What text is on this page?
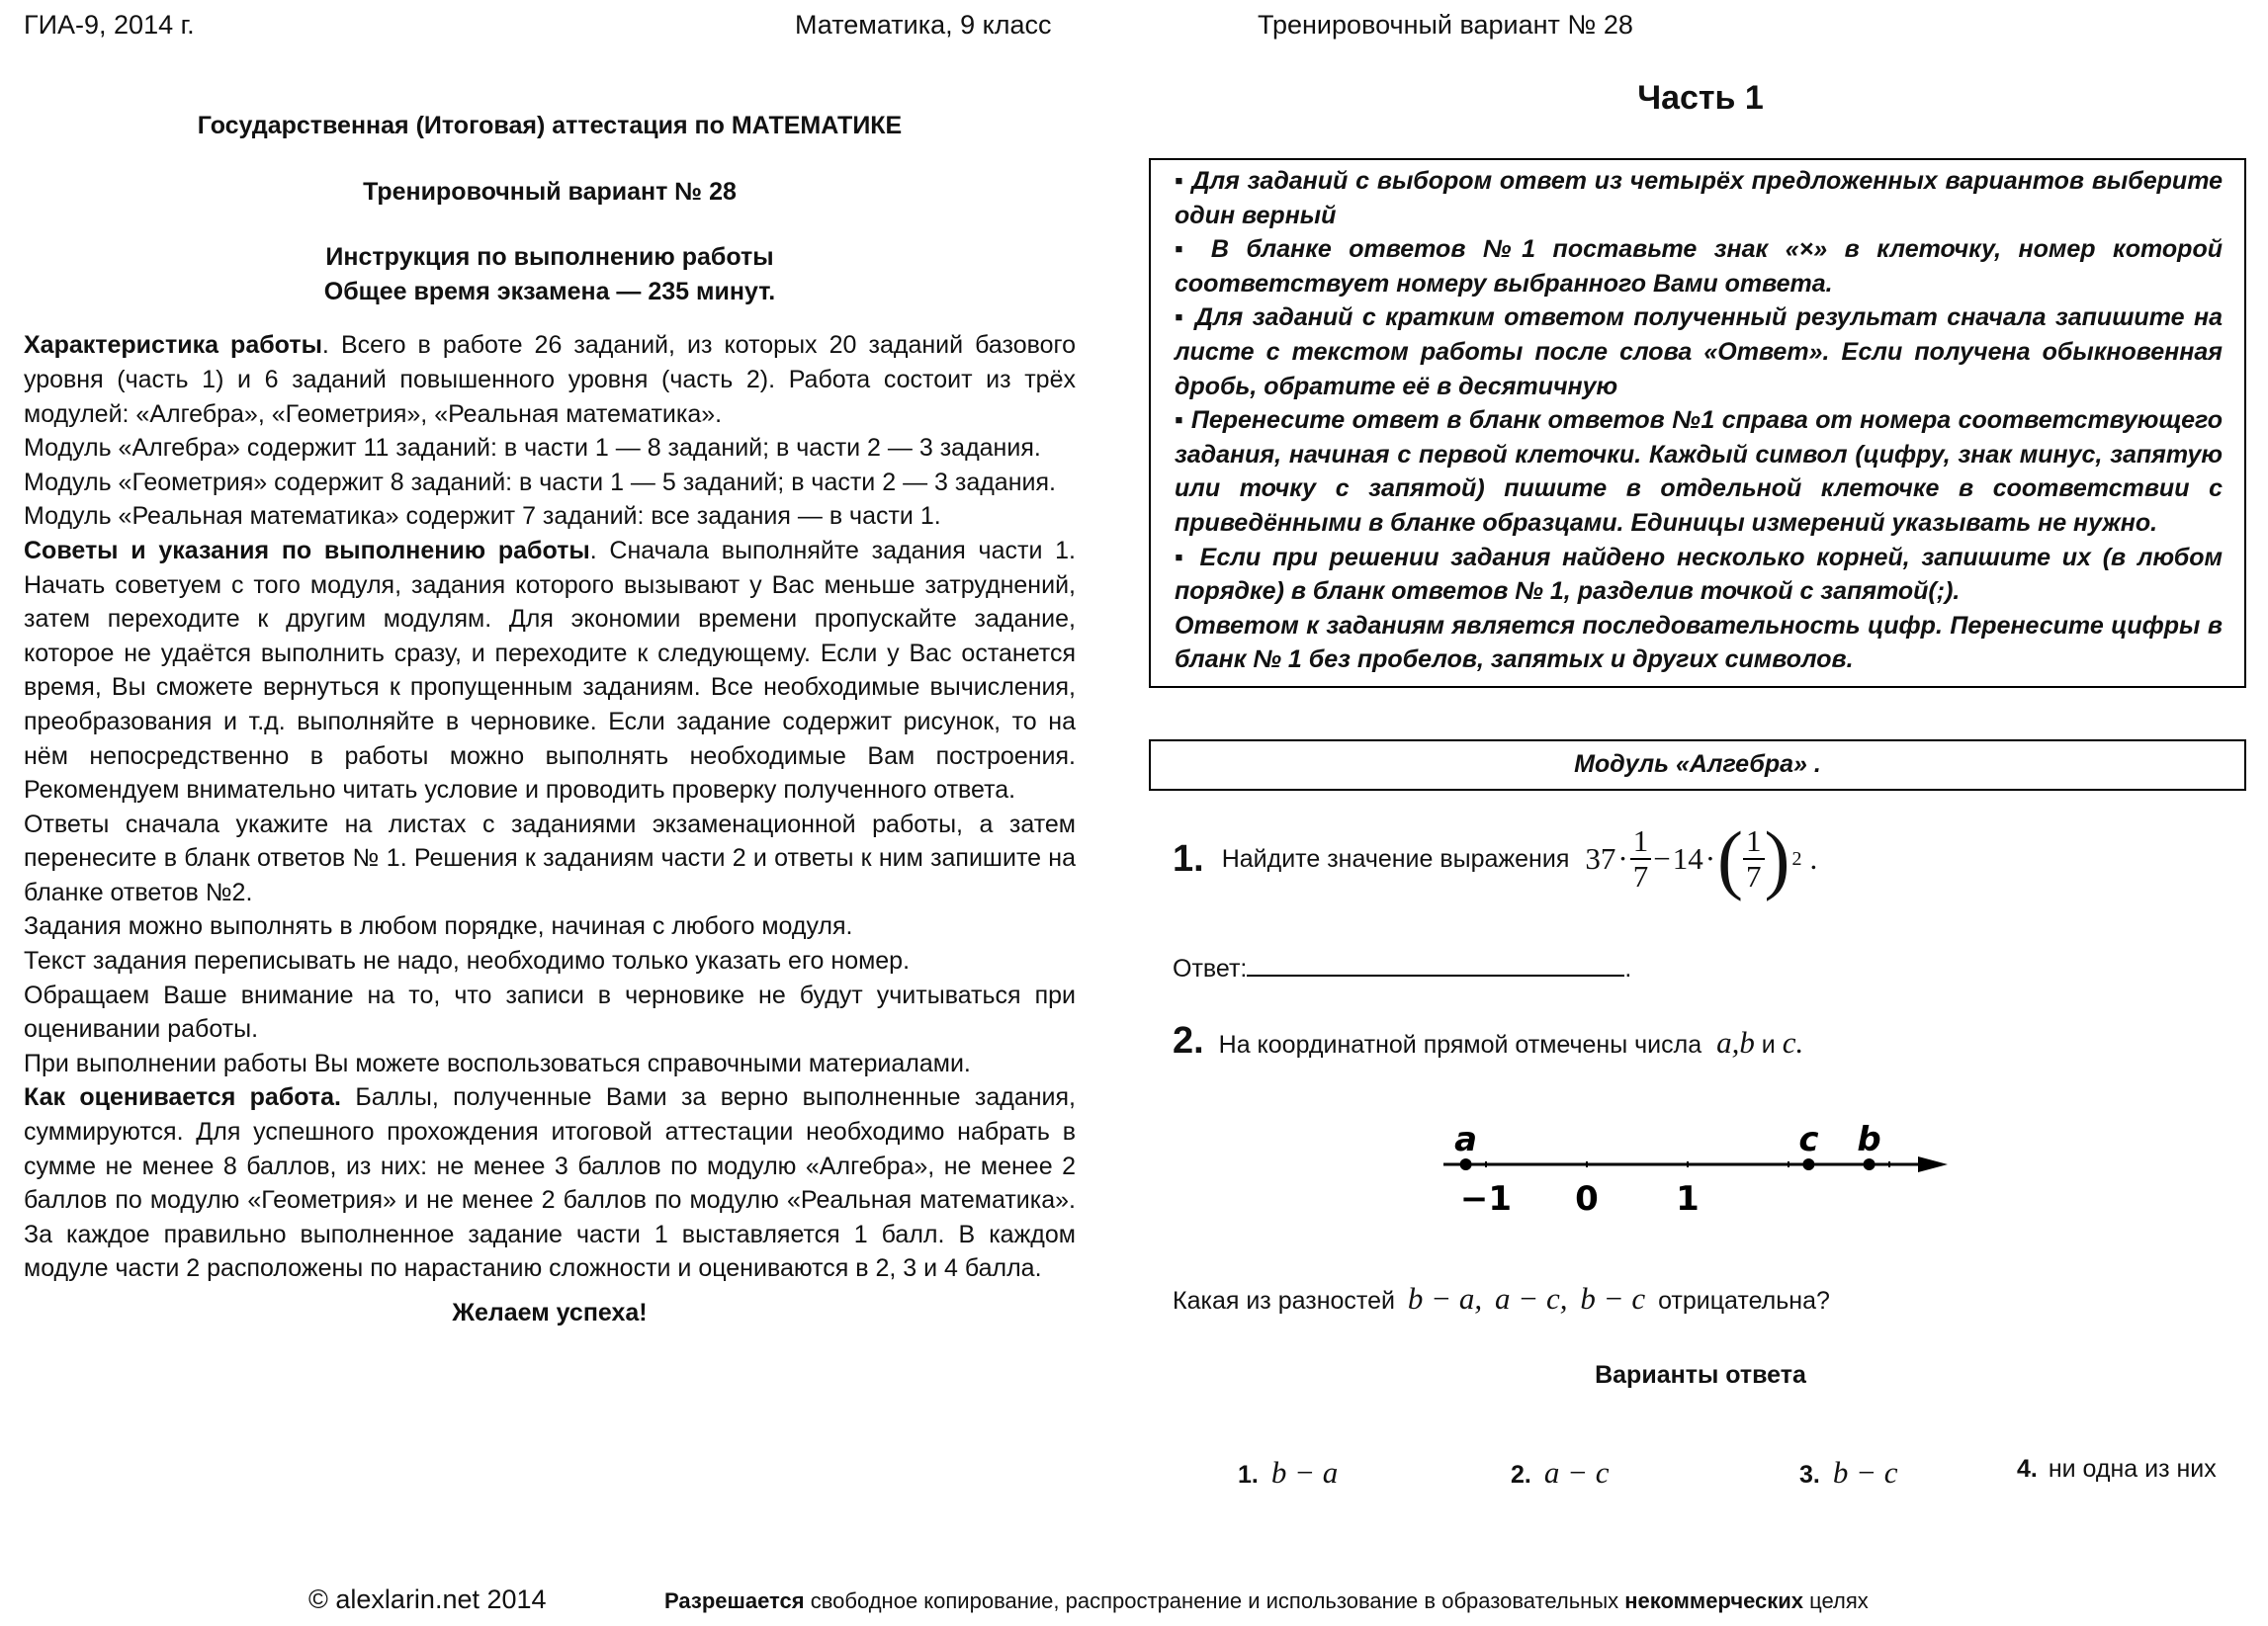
ГИА-9, 2014 г.	Математика, 9 класс	Тренировочный вариант № 28
Государственная (Итоговая) аттестация по МАТЕМАТИКЕ
Тренировочный вариант № 28
Инструкция по выполнению работы
Общее время экзамена — 235 минут.

Характеристика работы. Всего в работе 26 заданий, из которых 20 заданий базового уровня (часть 1) и 6 заданий повышенного уровня (часть 2). Работа состоит из трёх модулей: «Алгебра», «Геометрия», «Реальная математика».

Модуль «Алгебра» содержит 11 заданий: в части 1 — 8 заданий; в части 2 — 3 задания.

Модуль «Геометрия» содержит 8 заданий: в части 1 — 5 заданий; в части 2 — 3 задания.

Модуль «Реальная математика» содержит 7 заданий: все задания — в части 1.

Советы и указания по выполнению работы. Сначала выполняйте задания части 1. Начать советуем с того модуля, задания которого вызывают у Вас меньше затруднений, затем переходите к другим модулям. Для экономии времени пропускайте задание, которое не удаётся выполнить сразу, и переходите к следующему. Если у Вас останется время, Вы сможете вернуться к пропущенным заданиям. Все необходимые вычисления, преобразования и т.д. выполняйте в черновике. Если задание содержит рисунок, то на нём непосредственно в работы можно выполнять необходимые Вам построения. Рекомендуем внимательно читать условие и проводить проверку полученного ответа.

Ответы сначала укажите на листах с заданиями экзаменационной работы, а затем перенесите в бланк ответов № 1. Решения к заданиям части 2 и ответы к ним запишите на бланке ответов №2.

Задания можно выполнять в любом порядке, начиная с любого модуля.

Текст задания переписывать не надо, необходимо только указать его номер.

Обращаем Ваше внимание на то, что записи в черновике не будут учитываться при оценивании работы.

При выполнении работы Вы можете воспользоваться справочными материалами.

Как оценивается работа. Баллы, полученные Вами за верно выполненные задания, суммируются. Для успешного прохождения итоговой аттестации необходимо набрать в сумме не менее 8 баллов, из них: не менее 3 баллов по модулю «Алгебра», не менее 2 баллов по модулю «Геометрия» и не менее 2 баллов по модулю «Реальная математика». За каждое правильно выполненное задание части 1 выставляется 1 балл. В каждом модуле части 2 расположены по нарастанию сложности и оцениваются в 2, 3 и 4 балла.

Желаем успеха!
Часть 1

▪ Для заданий с выбором ответ из четырёх предложенных вариантов выберите один верный

▪ В бланке ответов №1 поставьте знак «×» в клеточку, номер которой соответствует номеру выбранного Вами ответа.

▪ Для заданий с кратким ответом полученный результат сначала запишите на листе с текстом работы после слова «Ответ». Если получена обыкновенная дробь, обратите её в десятичную

▪ Перенесите ответ в бланк ответов №1 справа от номера соответствующего задания, начиная с первой клеточки. Каждый символ (цифру, знак минус, запятую или точку с запятой) пишите в отдельной клеточке в соответствии с приведёнными в бланке образцами. Единицы измерений указывать не нужно.

▪ Если при решении задания найдено несколько корней, запишите их (в любом порядке) в бланк ответов № 1, разделив точкой с запятой(;).

Ответом к заданиям является последовательность цифр. Перенесите цифры в бланк № 1 без пробелов, запятых и других символов.

Модуль «Алгебра» .
1. Найдите значение выражения $37 \cdot \frac{1}{7} - 14$ · ( $\frac{1}{7}$ ) 2 .
Ответ:	.
2. На координатной прямой отмечены числа a,b и c.
−1 0 1
a	c b
Какая из разностей b − a, a − c, b − c отрицательна?
Варианты ответа
1. b − a	2. a − c	3. b − c	4. ни одна из них
© alexlarin.net 2014	Разрешается свободное копирование, распространение и использование в образовательных некоммерческих целях
